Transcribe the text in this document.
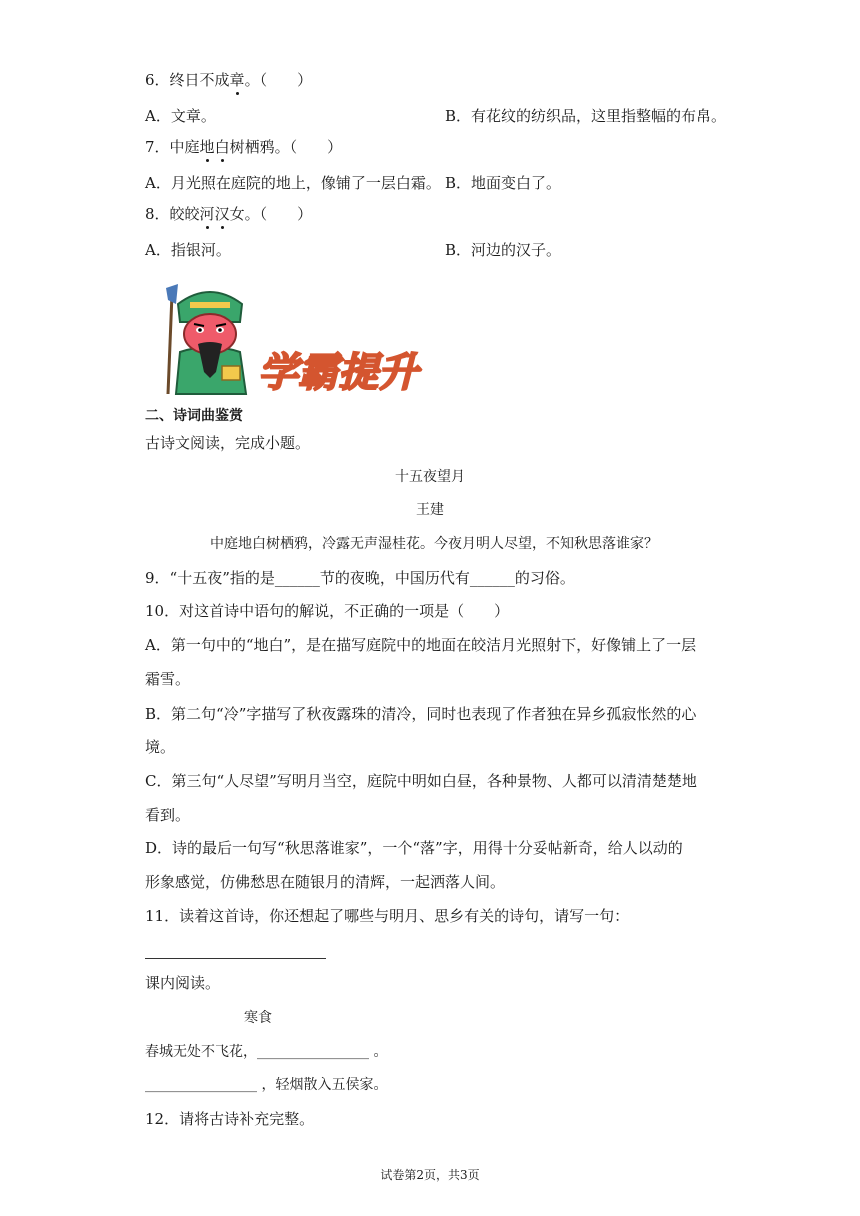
6．终日不成章。（　　）
A．文章。	B．有花纹的纺织品，这里指整幅的布帛。
7．中庭地白树栖鸦。（　　）
A．月光照在庭院的地上，像铺了一层白霜。 B．地面变白了。
8．皎皎河汉女。（　　）
A．指银河。	B．河边的汉子。
学霸提升
二、诗词曲鉴赏
古诗文阅读，完成小题。
十五夜望月
王建
中庭地白树栖鸦，冷露无声湿桂花。今夜月明人尽望，不知秋思落谁家？
9．“十五夜”指的是______节的夜晚，中国历代有______的习俗。
10．对这首诗中语句的解说，不正确的一项是（　　）
A．第一句中的“地白”，是在描写庭院中的地面在皎洁月光照射下，好像铺上了一层
霜雪。
B．第二句“冷”字描写了秋夜露珠的清冷，同时也表现了作者独在异乡孤寂怅然的心
境。
C．第三句“人尽望”写明月当空，庭院中明如白昼，各种景物、人都可以清清楚楚地
看到。
D．诗的最后一句写“秋思落谁家”，一个“落”字，用得十分妥帖新奇，给人以动的
形象感觉，仿佛愁思在随银月的清辉，一起洒落人间。
11．读着这首诗，你还想起了哪些与明月、思乡有关的诗句，请写一句：
课内阅读。
寒食
春城无处不飞花，________________ 。
________________ ，轻烟散入五侯家。
12．请将古诗补充完整。
试卷第2页，共3页
